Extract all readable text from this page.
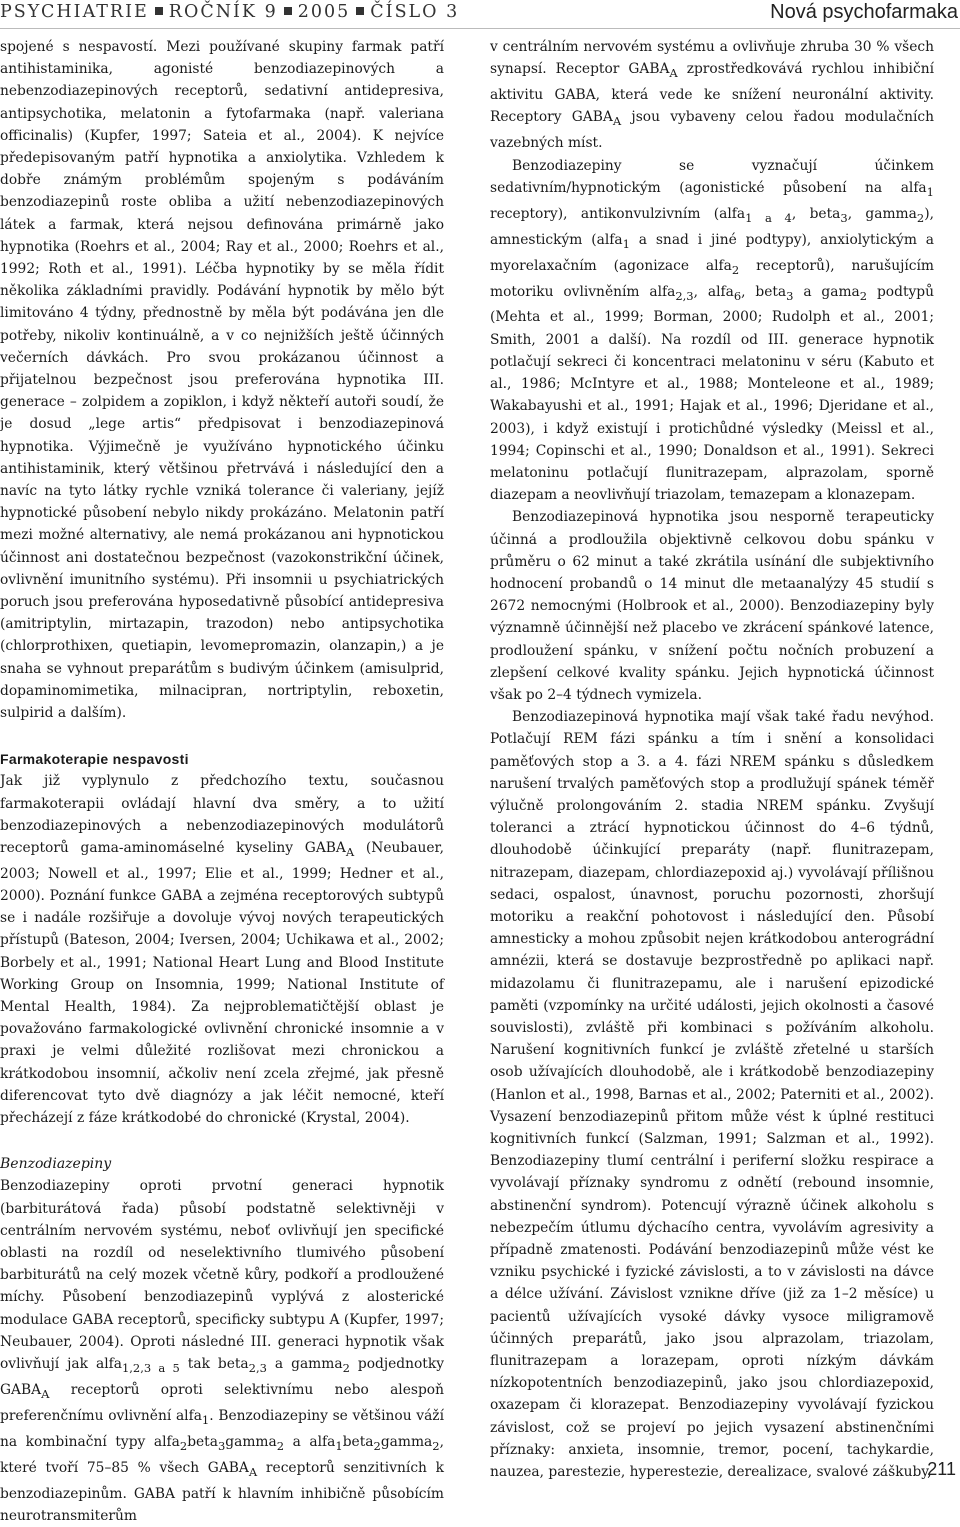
PSYCHIATRIE ROČNÍK 9 2005 ČÍSLO 3	Nová psychofarmaka

spojené s nespavostí. Mezi používané skupiny farmak patří antihistaminika, agonisté benzodiazepinových a nebenzodiazepinových receptorů, sedativní antidepresiva, antipsychotika, melatonin a fytofarmaka (např. valeriana officinalis) (Kupfer, 1997; Sateia et al., 2004). K nejvíce předepisovaným patří hypnotika a anxiolytika. Vzhledem k dobře známým problémům spojeným s podáváním benzodiazepinů roste obliba a užití nebenzodiazepinových látek a farmak, která nejsou definována primárně jako hypnotika (Roehrs et al., 2004; Ray et al., 2000; Roehrs et al., 1992; Roth et al., 1991). Léčba hypnotiky by se měla řídit několika základními pravidly. Podávání hypnotik by mělo být limitováno 4 týdny, přednostně by měla být podávána jen dle potřeby, nikoliv kontinuálně, a v co nejnižších ještě účinných večerních dávkách. Pro svou prokázanou účinnost a přijatelnou bezpečnost jsou preferována hypnotika III. generace – zolpidem a zopiklon, i když někteří autoři soudí, že je dosud „lege artis“ předpisovat i benzodiazepinová hypnotika. Výjimečně je využíváno hypnotického účinku antihistaminik, který většinou přetrvává i následující den a navíc na tyto látky rychle vzniká tolerance či valeriany, jejíž hypnotické působení nebylo nikdy prokázáno. Melatonin patří mezi možné alternativy, ale nemá prokázanou ani hypnotickou účinnost ani dostatečnou bezpečnost (vazokonstrikční účinek, ovlivnění imunitního systému). Při insomnii u psychiatrických poruch jsou preferována hyposedativně působící antidepresiva (amitriptylin, mirtazapin, trazodon) nebo antipsychotika (chlorprothixen, quetiapin, levomepromazin, olanzapin,) a je snaha se vyhnout preparátům s budivým účinkem (amisulprid, dopaminomimetika, milnacipran, nortriptylin, reboxetin, sulpirid a dalším).

Farmakoterapie nespavosti

Jak již vyplynulo z předchozího textu, současnou farmakoterapii ovládají hlavní dva směry, a to užití benzodiazepinových a nebenzodiazepinových modulátorů receptorů gama-aminomáselné kyseliny $GABA_A$ (Neubauer, 2003; Nowell et al., 1997; Elie et al., 1999; Hedner et al., 2000). Poznání funkce GABA a zejména receptorových subtypů se i nadále rozšiřuje a dovoluje vývoj nových terapeutických přístupů (Bateson, 2004; Iversen, 2004; Uchikawa et al., 2002; Borbely et al., 1991; National Heart Lung and Blood Institute Working Group on Insomnia, 1999; National Institute of Mental Health, 1984). Za nejproblematičtější oblast je považováno farmakologické ovlivnění chronické insomnie a v praxi je velmi důležité rozlišovat mezi chronickou a krátkodobou insomnií, ačkoliv není zcela zřejmé, jak přesně diferencovat tyto dvě diagnózy a jak léčit nemocné, kteří přecházejí z fáze krátkodobé do chronické (Krystal, 2004).

Benzodiazepiny

Benzodiazepiny oproti prvotní generaci hypnotik (barbiturátová řada) působí podstatně selektivněji v centrálním nervovém systému, neboť ovlivňují jen specifické oblasti na rozdíl od neselektivního tlumivého působení barbiturátů na celý mozek včetně kůry, podkoří a prodloužené míchy. Působení benzodiazepinů vyplývá z alosterické modulace GABA receptorů, specificky subtypu A (Kupfer, 1997; Neubauer, 2004). Oproti následné III. generaci hypnotik však ovlivňují jak alfa$_{1,2,3 a 5}$ tak beta$_{2,3}$ a gamma$_2$ podjednotky $GABA_A$ receptorů oproti selektivnímu nebo alespoň preferenčnímu ovlivnění alfa$_1$. Benzodiazepiny se většinou váží na kombinační typy alfa$_2$beta$_3$gamma$_2$ a alfa$_1$beta$_2$gamma$_2$, které tvoří 75–85 % všech $GABA_A$ receptorů senzitivních k benzodiazepinům. GABA patří k hlavním inhibičně působícím neurotransmiterům

v centrálním nervovém systému a ovlivňuje zhruba 30 % všech synapsí. Receptor $GABA_A$ zprostředkovává rychlou inhibiční aktivitu GABA, která vede ke snížení neuronální aktivity. Receptory $GABA_A$ jsou vybaveny celou řadou modulačních vazebných míst.

Benzodiazepiny se vyznačují účinkem sedativním/hypnotickým (agonistické působení na alfa$_1$ receptory), antikonvulzivním (alfa$_{1 a 4}$, beta$_3$, gamma$_2$), amnestickým (alfa$_1$ a snad i jiné podtypy), anxiolytickým a myorelaxačním (agonizace alfa$_2$ receptorů), narušujícím motoriku ovlivněním alfa$_{2,3}$, alfa$_6$, beta$_3$ a gama$_2$ podtypů (Mehta et al., 1999; Borman, 2000; Rudolph et al., 2001; Smith, 2001 a další). Na rozdíl od III. generace hypnotik potlačují sekreci či koncentraci melatoninu v séru (Kabuto et al., 1986; McIntyre et al., 1988; Monteleone et al., 1989; Wakabayushi et al., 1991; Hajak et al., 1996; Djeridane et al., 2003), i když existují i protichůdné výsledky (Meissl et al., 1994; Copinschi et al., 1990; Donaldson et al., 1991). Sekreci melatoninu potlačují flunitrazepam, alprazolam, sporně diazepam a neovlivňují triazolam, temazepam a klonazepam.

Benzodiazepinová hypnotika jsou nesporně terapeuticky účinná a prodloužila objektivně celkovou dobu spánku v průměru o 62 minut a také zkrátila usínání dle subjektivního hodnocení probandů o 14 minut dle metaanalýzy 45 studií s 2672 nemocnými (Holbrook et al., 2000). Benzodiazepiny byly významně účinnější než placebo ve zkrácení spánkové latence, prodloužení spánku, v snížení počtu nočních probuzení a zlepšení celkové kvality spánku. Jejich hypnotická účinnost však po 2–4 týdnech vymizela.

Benzodiazepinová hypnotika mají však také řadu nevýhod. Potlačují REM fázi spánku a tím i snění a konsolidaci paměťových stop a 3. a 4. fázi NREM spánku s důsledkem narušení trvalých paměťových stop a prodlužují spánek téměř výlučně prolongováním 2. stadia NREM spánku. Zvyšují toleranci a ztrácí hypnotickou účinnost do 4–6 týdnů, dlouhodobě účinkující preparáty (např. flunitrazepam, nitrazepam, diazepam, chlordiazepoxid aj.) vyvolávají přílišnou sedaci, ospalost, únavnost, poruchu pozornosti, zhoršují motoriku a reakční pohotovost i následující den. Působí amnesticky a mohou způsobit nejen krátkodobou anterográdní amnézii, která se dostavuje bezprostředně po aplikaci např. midazolamu či flunitrazepamu, ale i narušení epizodické paměti (vzpomínky na určité události, jejich okolnosti a časové souvislosti), zvláště při kombinaci s požíváním alkoholu. Narušení kognitivních funkcí je zvláště zřetelné u starších osob užívajících dlouhodobě, ale i krátkodobě benzodiazepiny (Hanlon et al., 1998, Barnas et al., 2002; Paterniti et al., 2002). Vysazení benzodiazepinů přitom může vést k úplné restituci kognitivních funkcí (Salzman, 1991; Salzman et al., 1992). Benzodiazepiny tlumí centrální i periferní složku respirace a vyvolávají příznaky syndromu z odnětí (rebound insomnie, abstinenční syndrom). Potencují výrazně účinek alkoholu s nebezpečím útlumu dýchacího centra, vyvolávím agresivity a případně zmatenosti. Podávání benzodiazepinů může vést ke vzniku psychické i fyzické závislosti, a to v závislosti na dávce a délce užívání. Závislost vznikne dříve (již za 1–2 měsíce) u pacientů užívajících vysoké dávky vysoce miligramově účinných preparátů, jako jsou alprazolam, triazolam, flunitrazepam a lorazepam, oproti nízkým dávkám nízkopotentních benzodiazepinů, jako jsou chlordiazepoxid, oxazepam či klorazepat. Benzodiazepiny vyvolávají fyzickou závislost, což se projeví po jejich vysazení abstinenčními příznaky: anxieta, insomnie, tremor, pocení, tachykardie, nauzea, parestezie, hyperestezie, derealizace, svalové záškuby,

211
